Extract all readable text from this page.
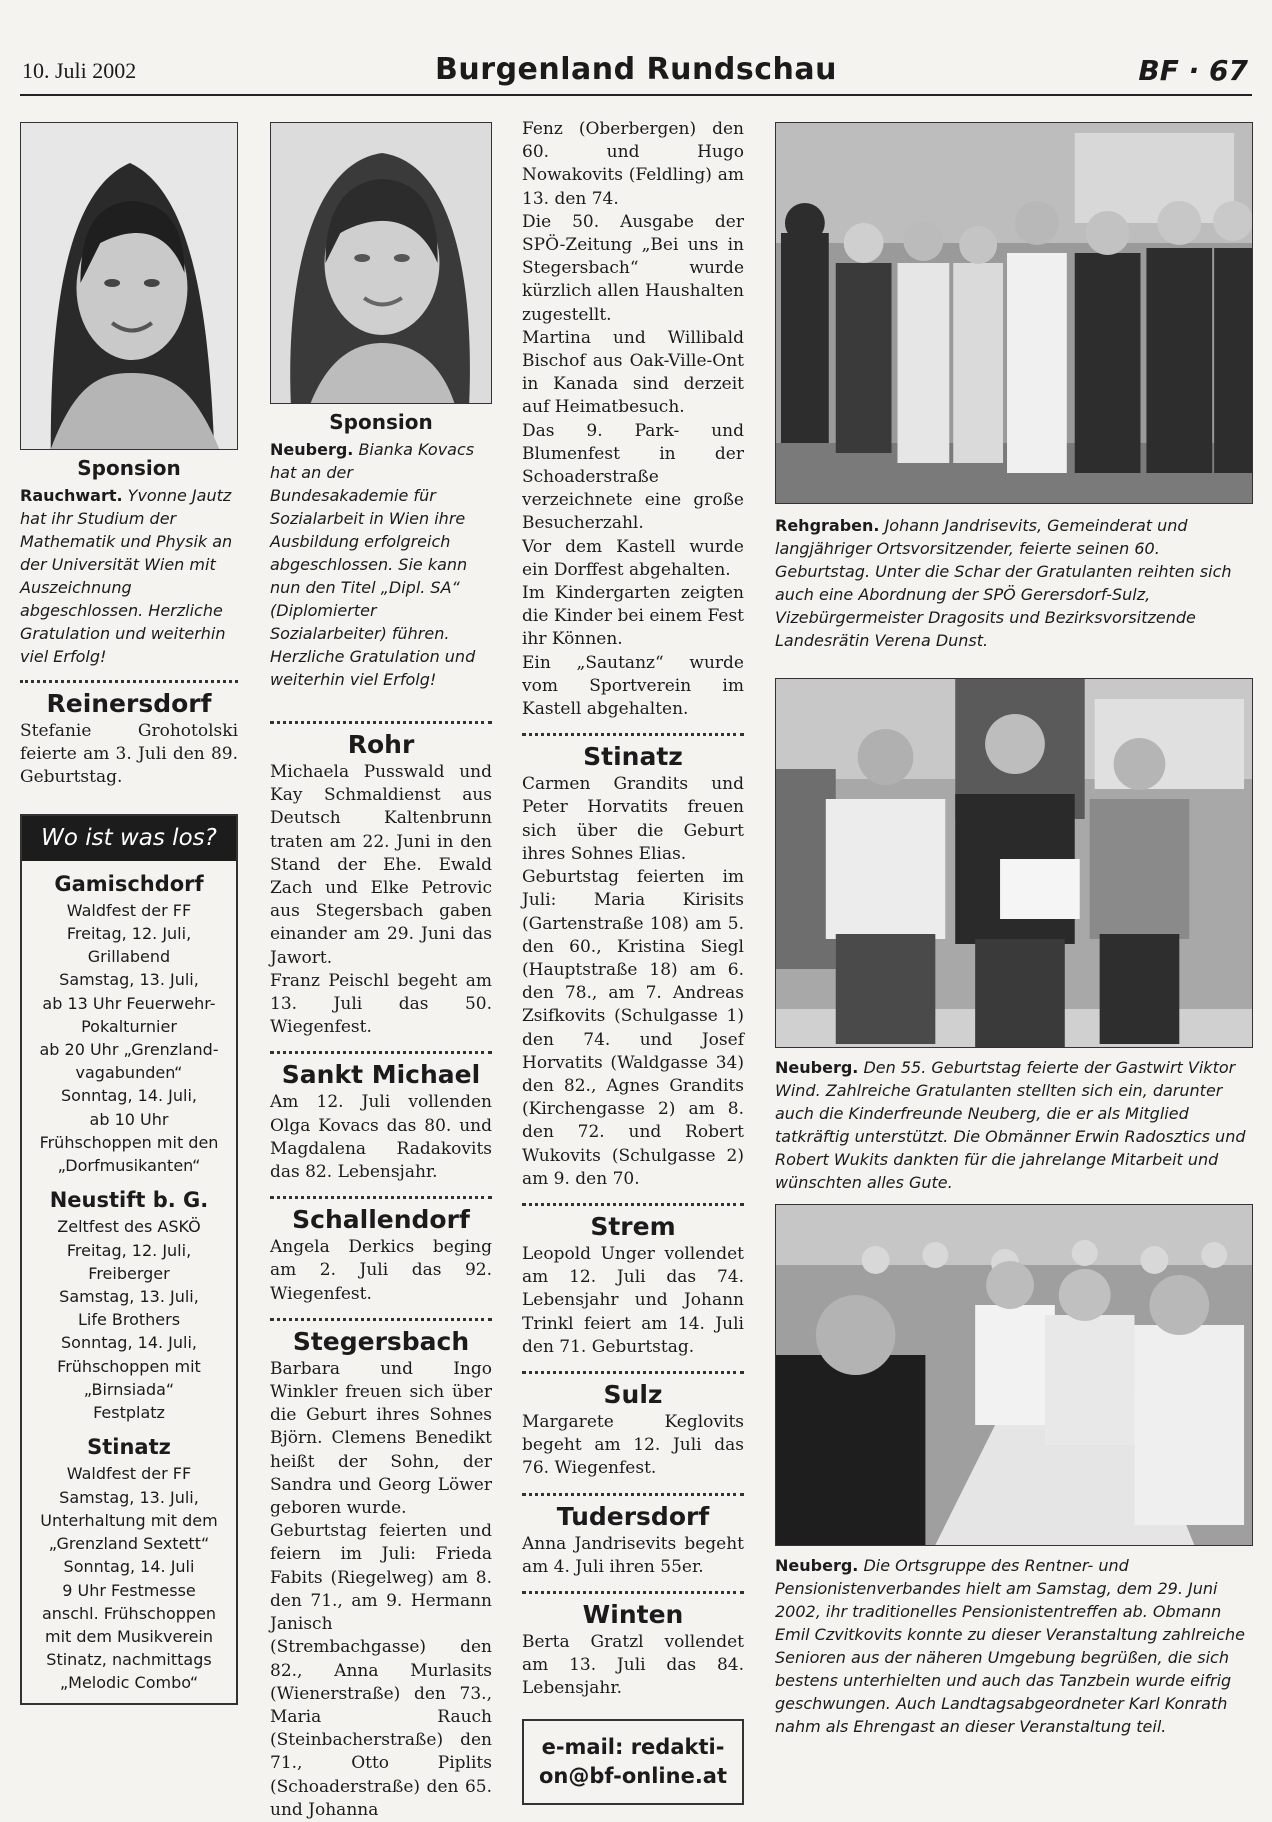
10. Juli 2002	Burgenland Rundschau	BF · 67
Sponsion

Rauchwart. Yvonne Jautz hat ihr Studium der Mathematik und Physik an der Universität Wien mit Auszeichnung abgeschlossen. Herzliche Gratulation und weiterhin viel Erfolg!

Reinersdorf

Stefanie Grohotolski feierte am 3. Juli den 89. Geburtstag.

Wo ist was los?
Gamischdorf
Waldfest der FF
Freitag, 12. Juli,
Grillabend
Samstag, 13. Juli,
ab 13 Uhr Feuerwehr-
Pokalturnier
ab 20 Uhr „Grenzland-
vagabunden“
Sonntag, 14. Juli,
ab 10 Uhr
Frühschoppen mit den
„Dorfmusikanten“
Neustift b. G.
Zeltfest des ASKÖ
Freitag, 12. Juli,
Freiberger
Samstag, 13. Juli,
Life Brothers
Sonntag, 14. Juli,
Frühschoppen mit
„Birnsiada“
Festplatz
Stinatz
Waldfest der FF
Samstag, 13. Juli,
Unterhaltung mit dem
„Grenzland Sextett“
Sonntag, 14. Juli
9 Uhr Festmesse
anschl. Frühschoppen
mit dem Musikverein
Stinatz, nachmittags
„Melodic Combo“
Sponsion

Neuberg. Bianka Kovacs hat an der Bundesakademie für Sozialarbeit in Wien ihre Ausbildung erfolgreich abgeschlossen. Sie kann nun den Titel „Dipl. SA“ (Diplomierter Sozialarbeiter) führen. Herzliche Gratulation und weiterhin viel Erfolg!

Rohr

Michaela Pusswald und Kay Schmaldienst aus Deutsch Kaltenbrunn traten am 22. Juni in den Stand der Ehe. Ewald Zach und Elke Petrovic aus Stegersbach gaben einander am 29. Juni das Jawort.

Franz Peischl begeht am 13. Juli das 50. Wiegenfest.

Sankt Michael

Am 12. Juli vollenden Olga Kovacs das 80. und Magdalena Radakovits das 82. Lebensjahr.

Schallendorf

Angela Derkics beging am 2. Juli das 92. Wiegenfest.

Stegersbach

Barbara und Ingo Winkler freuen sich über die Geburt ihres Sohnes Björn. Clemens Benedikt heißt der Sohn, der Sandra und Georg Löwer geboren wurde.

Geburtstag feierten und feiern im Juli: Frieda Fabits (Riegelweg) am 8. den 71., am 9. Hermann Janisch (Strembachgasse) den 82., Anna Murlasits (Wienerstraße) den 73., Maria Rauch (Steinbacherstraße) den 71., Otto Piplits (Schoaderstraße) den 65. und Johanna

Fenz (Oberbergen) den 60. und Hugo Nowakovits (Feldling) am 13. den 74.

Die 50. Ausgabe der SPÖ-Zeitung „Bei uns in Stegersbach“ wurde kürzlich allen Haushalten zugestellt.

Martina und Willibald Bischof aus Oak-Ville-Ont in Kanada sind derzeit auf Heimatbesuch.

Das 9. Park- und Blumenfest in der Schoaderstraße verzeichnete eine große Besucherzahl.

Vor dem Kastell wurde ein Dorffest abgehalten.

Im Kindergarten zeigten die Kinder bei einem Fest ihr Können.

Ein „Sautanz“ wurde vom Sportverein im Kastell abgehalten.

Stinatz

Carmen Grandits und Peter Horvatits freuen sich über die Geburt ihres Sohnes Elias.

Geburtstag feierten im Juli: Maria Kirisits (Gartenstraße 108) am 5. den 60., Kristina Siegl (Hauptstraße 18) am 6. den 78., am 7. Andreas Zsifkovits (Schulgasse 1) den 74. und Josef Horvatits (Waldgasse 34) den 82., Agnes Grandits (Kirchengasse 2) am 8. den 72. und Robert Wukovits (Schulgasse 2) am 9. den 70.

Strem

Leopold Unger vollendet am 12. Juli das 74. Lebensjahr und Johann Trinkl feiert am 14. Juli den 71. Geburtstag.

Sulz

Margarete Keglovits begeht am 12. Juli das 76. Wiegenfest.

Tudersdorf

Anna Jandrisevits begeht am 4. Juli ihren 55er.

Winten

Berta Gratzl vollendet am 13. Juli das 84. Lebensjahr.

e-mail: redakti-
on@bf-online.at

Rehgraben. Johann Jandrisevits, Gemeinderat und langjähriger Ortsvorsitzender, feierte seinen 60. Geburtstag. Unter die Schar der Gratulanten reihten sich auch eine Abordnung der SPÖ Gerersdorf-Sulz, Vizebürgermeister Dragosits und Bezirksvorsitzende Landesrätin Verena Dunst.

Neuberg. Den 55. Geburtstag feierte der Gastwirt Viktor Wind. Zahlreiche Gratulanten stellten sich ein, darunter auch die Kinderfreunde Neuberg, die er als Mitglied tatkräftig unterstützt. Die Obmänner Erwin Radosztics und Robert Wukits dankten für die jahrelange Mitarbeit und wünschten alles Gute.

Neuberg. Die Ortsgruppe des Rentner- und Pensionistenverbandes hielt am Samstag, dem 29. Juni 2002, ihr traditionelles Pensionistentreffen ab. Obmann Emil Czvitkovits konnte zu dieser Veranstaltung zahlreiche Senioren aus der näheren Umgebung begrüßen, die sich bestens unterhielten und auch das Tanzbein wurde eifrig geschwungen. Auch Landtagsabgeordneter Karl Konrath nahm als Ehrengast an dieser Veranstaltung teil.
